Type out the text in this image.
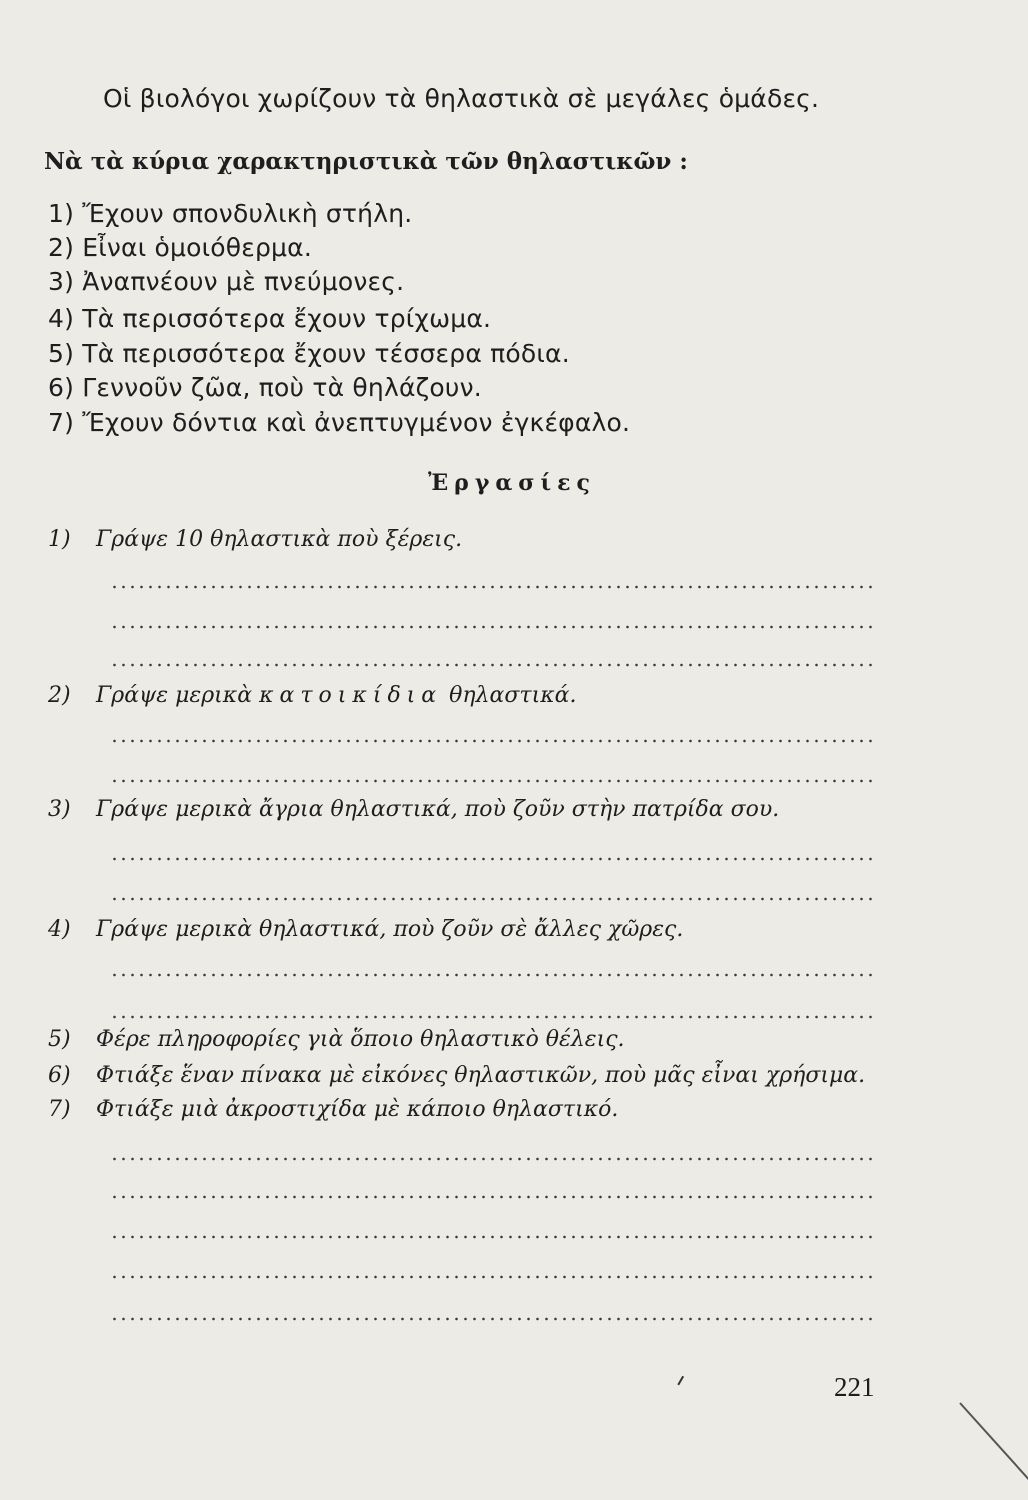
Οἱ βιολόγοι χωρίζουν τὰ θηλαστικὰ σὲ μεγάλες ὁμάδες.
Νὰ τὰ κύρια χαρακτηριστικὰ τῶν θηλαστικῶν :
1) Ἔχουν σπονδυλικὴ στήλη.
2) Εἶναι ὁμοιόθερμα.
3) Ἀναπνέουν μὲ πνεύμονες.
4) Τὰ περισσότερα ἔχουν τρίχωμα.
5) Τὰ περισσότερα ἔχουν τέσσερα πόδια.
6) Γεννοῦν ζῶα, ποὺ τὰ θηλάζουν.
7) Ἔχουν δόντια καὶ ἀνεπτυγμένον ἐγκέφαλο.
Ἐργασίες
1) Γράψε 10 θηλαστικὰ ποὺ ξέρεις.
2) Γράψε μερικὰ κατοικίδια θηλαστικά.
3) Γράψε μερικὰ ἄγρια θηλαστικά, ποὺ ζοῦν στὴν πατρίδα σου.
4) Γράψε μερικὰ θηλαστικά, ποὺ ζοῦν σὲ ἄλλες χῶρες.
5) Φέρε πληροφορίες γιὰ ὅποιο θηλαστικὸ θέλεις.
6) Φτιάξε ἕναν πίνακα μὲ εἰκόνες θηλαστικῶν, ποὺ μᾶς εἶναι χρήσιμα.
7) Φτιάξε μιὰ ἀκροστιχίδα μὲ κάποιο θηλαστικό.
221
